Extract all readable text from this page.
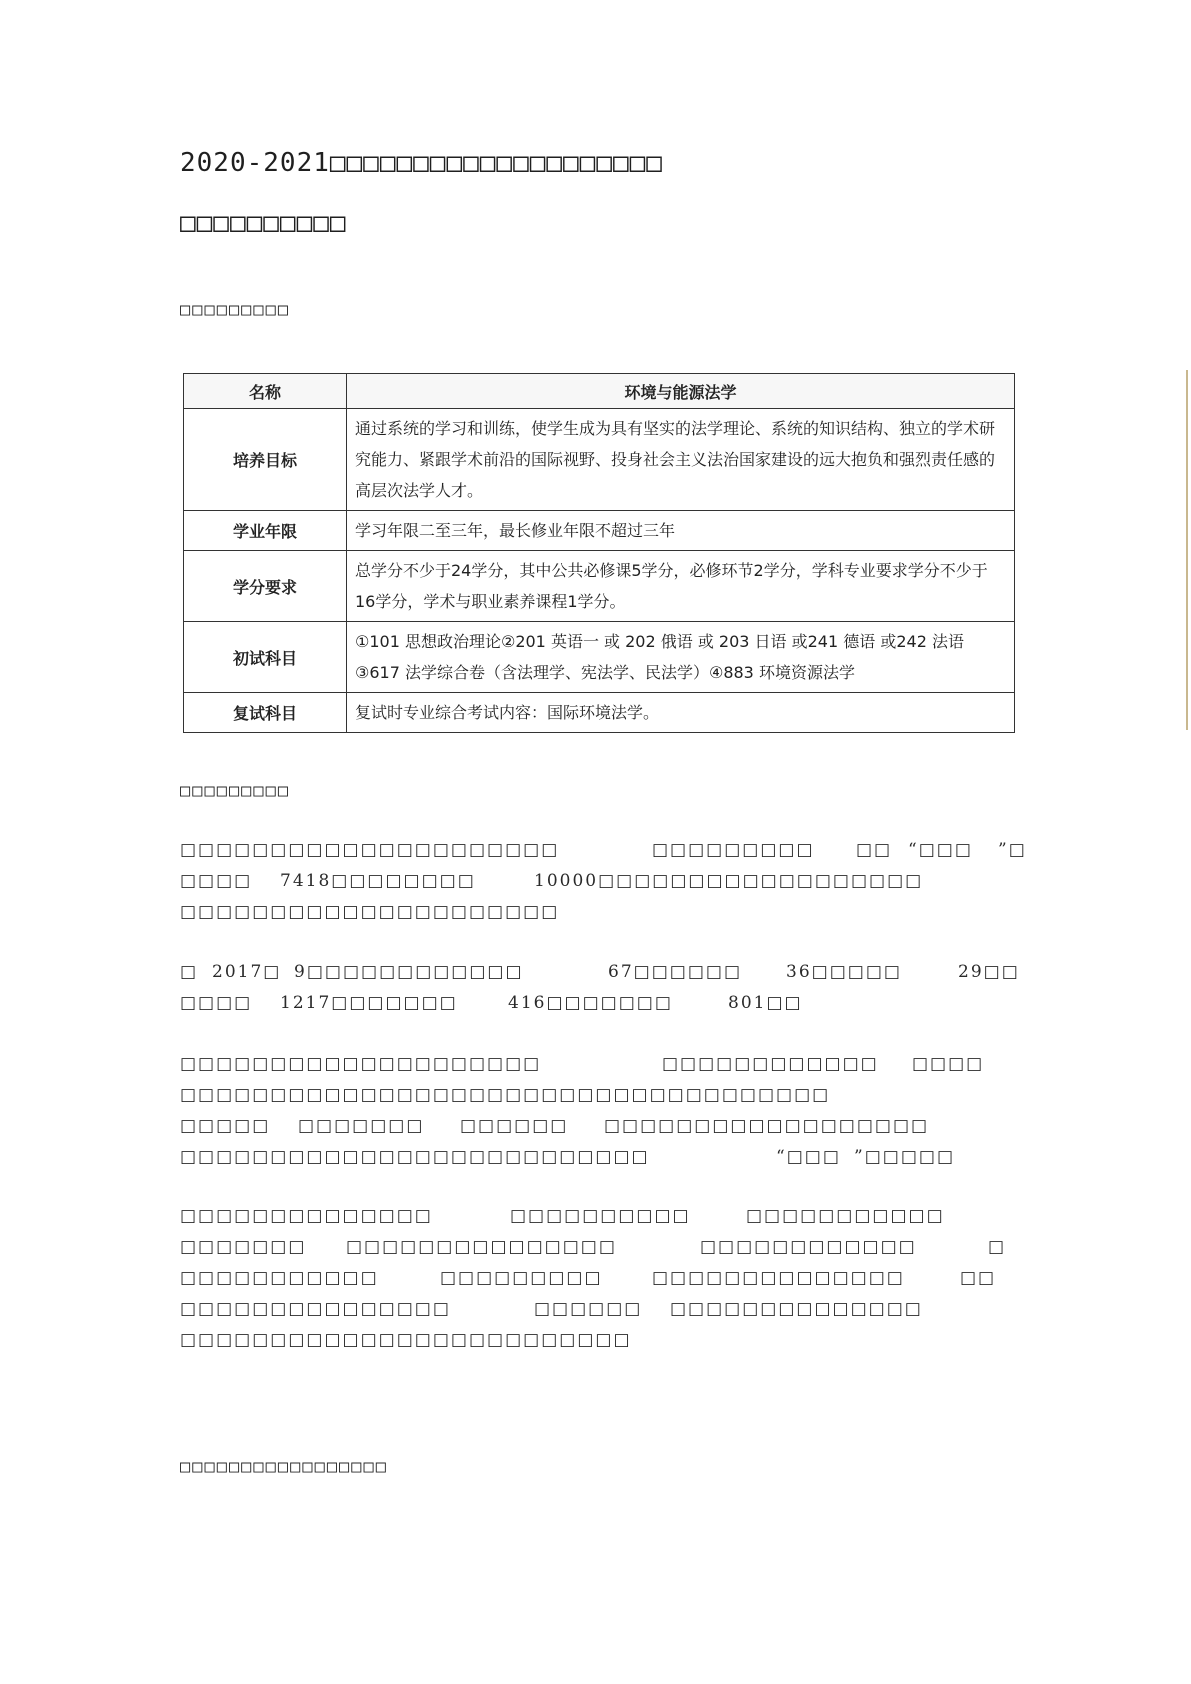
2020-2021□□□□□□□□□□□□□□□□□□□□
□□□□□□□□□□
□□□□□□□□□
名称	环境与能源法学
培养目标	通过系统的学习和训练，使学生成为具有坚实的法学理论、系统的知识结构、独立的学术研究能力、紧跟学术前沿的国际视野、投身社会主义法治国家建设的远大抱负和强烈责任感的高层次法学人才。
学业年限	学习年限二至三年，最长修业年限不超过三年
学分要求	总学分不少于24学分，其中公共必修课5学分，必修环节2学分，学科专业要求学分不少于16学分，学术与职业素养课程1学分。
初试科目	①101 思想政治理论②201 英语一 或 202 俄语 或 203 日语 或241 德语 或242 法语③617 法学综合卷（含法理学、宪法学、民法学）④883 环境资源法学
复试科目	复试时专业综合考试内容：国际环境法学。
□□□□□□□□□
□□□□□□□□□□□□□□□□□□□□□	□□□□□□□□□ □□ “□□□ ”□
□□□□ 7418□□□□□□□□	10000□□□□□□□□□□□□□□□□□□
□□□□□□□□□□□□□□□□□□□□□
□ 2017□ 9□□□□□□□□□□□□	67□□□□□□	36□□□□□	29□□
□□□□ 1217□□□□□□□	416□□□□□□□	801□□
□□□□□□□□□□□□□□□□□□□□	□□□□□□□□□□□□ □□□□
□□□□□□□□□□□□□□□□□□□□□□□□□□□□□□□□□□□□
□□□□□ □□□□□□□ □□□□□□ □□□□□□□□□□□□□□□□□□
□□□□□□□□□□□□□□□□□□□□□□□□□□	“□□□ ”□□□□□
□□□□□□□□□□□□□□	□□□□□□□□□□	□□□□□□□□□□□
□□□□□□□ □□□□□□□□□□□□□□□	□□□□□□□□□□□□	□
□□□□□□□□□□□	□□□□□□□□□	□□□□□□□□□□□□□□	□□
□□□□□□□□□□□□□□□	□□□□□□ □□□□□□□□□□□□□□
□□□□□□□□□□□□□□□□□□□□□□□□□
□□□□□□□□□□□□□□□□□
